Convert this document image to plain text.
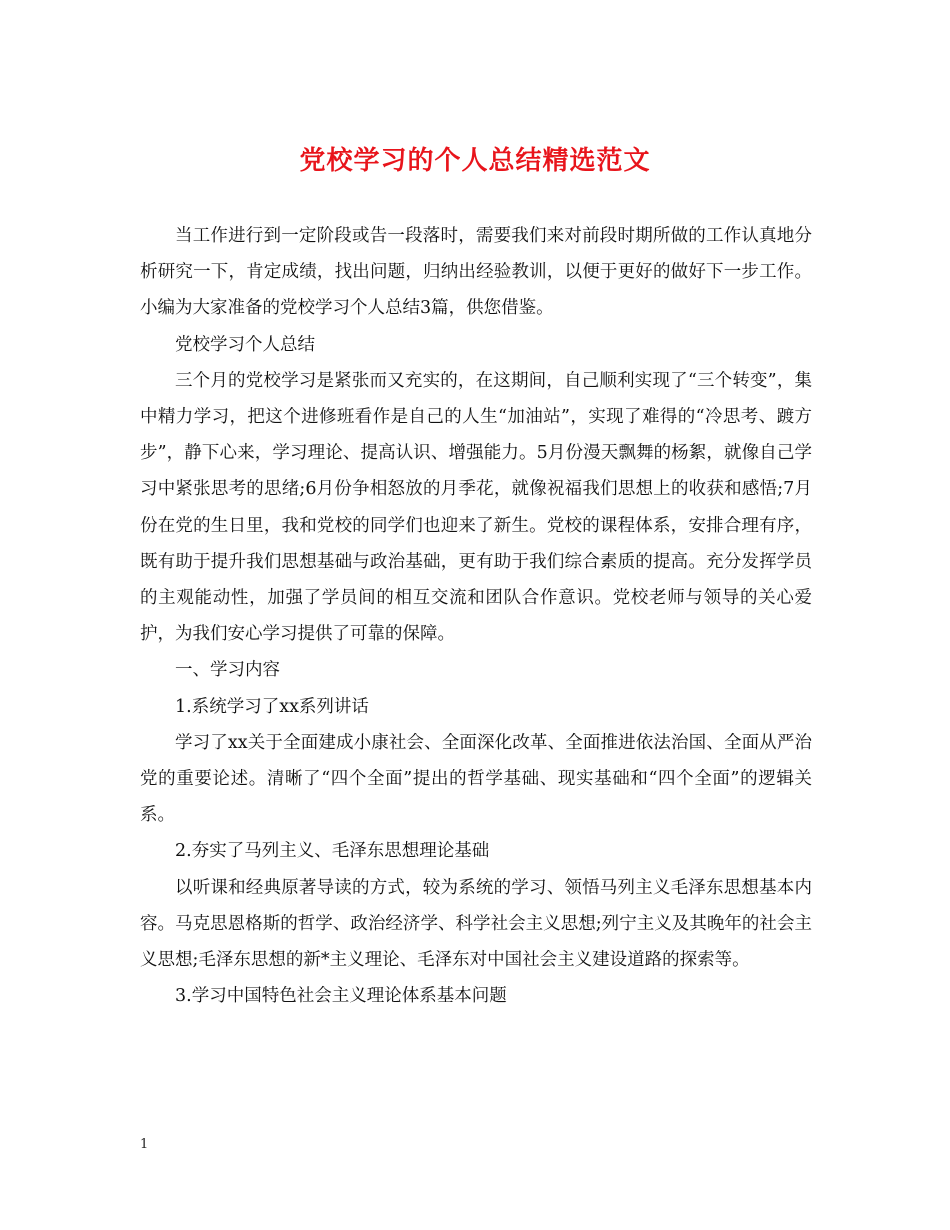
党校学习的个人总结精选范文

当工作进行到一定阶段或告一段落时，需要我们来对前段时期所做的工作认真地分析研究一下，肯定成绩，找出问题，归纳出经验教训，以便于更好的做好下一步工作。小编为大家准备的党校学习个人总结3篇，供您借鉴。

党校学习个人总结

三个月的党校学习是紧张而又充实的，在这期间，自己顺利实现了“三个转变”，集中精力学习，把这个进修班看作是自己的人生“加油站”，实现了难得的“冷思考、踱方步”，静下心来，学习理论、提高认识、增强能力。5月份漫天飘舞的杨絮，就像自己学习中紧张思考的思绪;6月份争相怒放的月季花，就像祝福我们思想上的收获和感悟;7月份在党的生日里，我和党校的同学们也迎来了新生。党校的课程体系，安排合理有序，既有助于提升我们思想基础与政治基础，更有助于我们综合素质的提高。充分发挥学员的主观能动性，加强了学员间的相互交流和团队合作意识。党校老师与领导的关心爱护，为我们安心学习提供了可靠的保障。

一、学习内容

1.系统学习了xx系列讲话

学习了xx关于全面建成小康社会、全面深化改革、全面推进依法治国、全面从严治党的重要论述。清晰了“四个全面”提出的哲学基础、现实基础和“四个全面”的逻辑关系。

2.夯实了马列主义、毛泽东思想理论基础

以听课和经典原著导读的方式，较为系统的学习、领悟马列主义毛泽东思想基本内容。马克思恩格斯的哲学、政治经济学、科学社会主义思想;列宁主义及其晚年的社会主义思想;毛泽东思想的新*主义理论、毛泽东对中国社会主义建设道路的探索等。

3.学习中国特色社会主义理论体系基本问题

1
